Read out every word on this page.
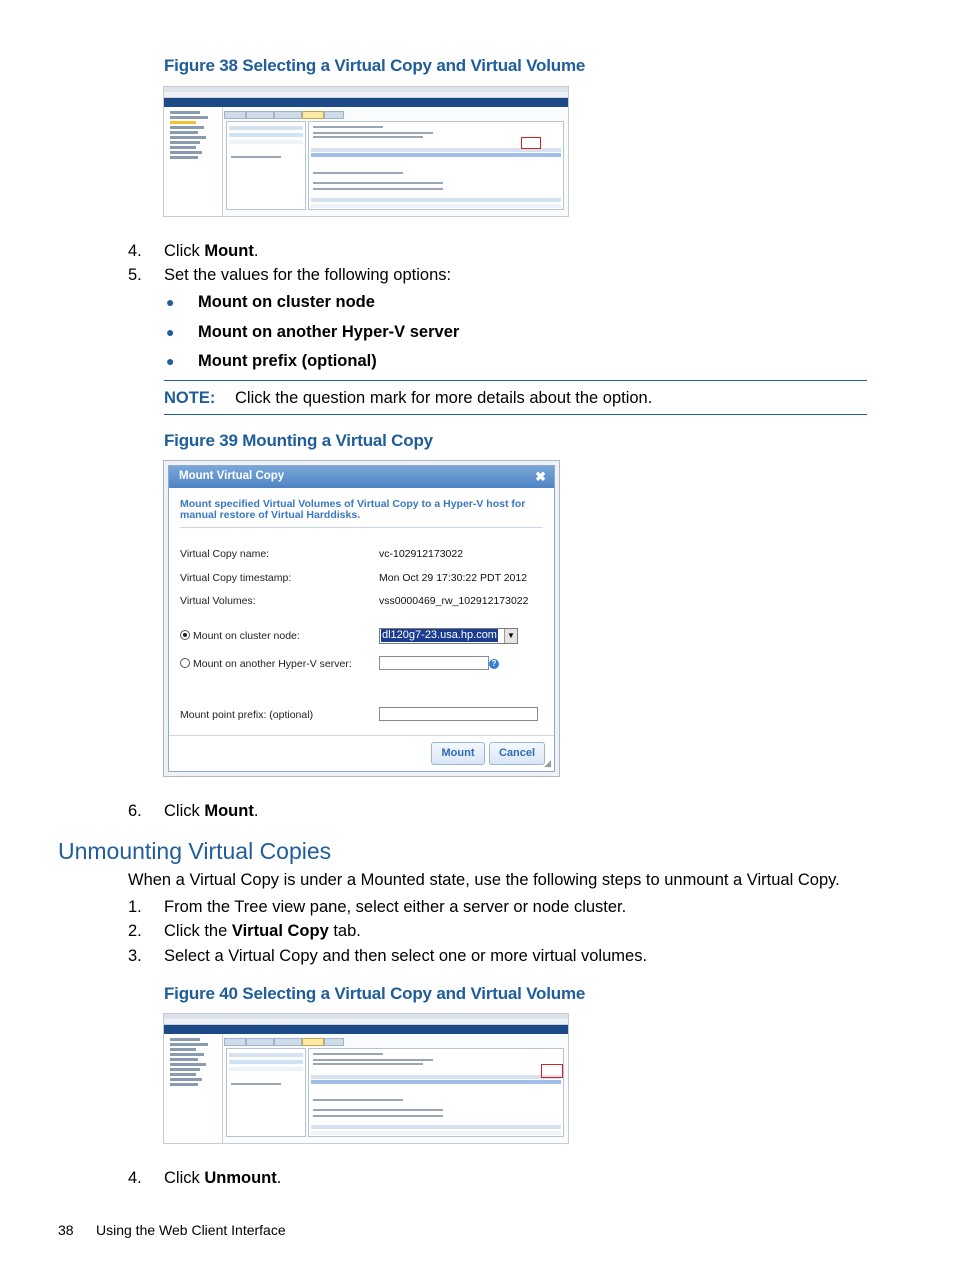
Figure 38 Selecting a Virtual Copy and Virtual Volume
4. Click Mount.
5. Set the values for the following options:
● Mount on cluster node
● Mount on another Hyper-V server
● Mount prefix (optional)
NOTE: Click the question mark for more details about the option.
Figure 39 Mounting a Virtual Copy
Mount Virtual Copy	✖
Mount specified Virtual Volumes of Virtual Copy to a Hyper-V host for manual restore of Virtual Harddisks.
Virtual Copy name:	vc-102912173022
Virtual Copy timestamp:	Mon Oct 29 17:30:22 PDT 2012
Virtual Volumes:	vss0000469_rw_102912173022
Mount on cluster node:	dl120g7-23.usa.hp.com	▼
Mount on another Hyper-V server:	?
Mount point prefix: (optional)
Mount	Cancel
◢
6. Click Mount.
Unmounting Virtual Copies
When a Virtual Copy is under a Mounted state, use the following steps to unmount a Virtual Copy.
1. From the Tree view pane, select either a server or node cluster.
2. Click the Virtual Copy tab.
3. Select a Virtual Copy and then select one or more virtual volumes.
Figure 40 Selecting a Virtual Copy and Virtual Volume
4. Click Unmount.
38 Using the Web Client Interface
